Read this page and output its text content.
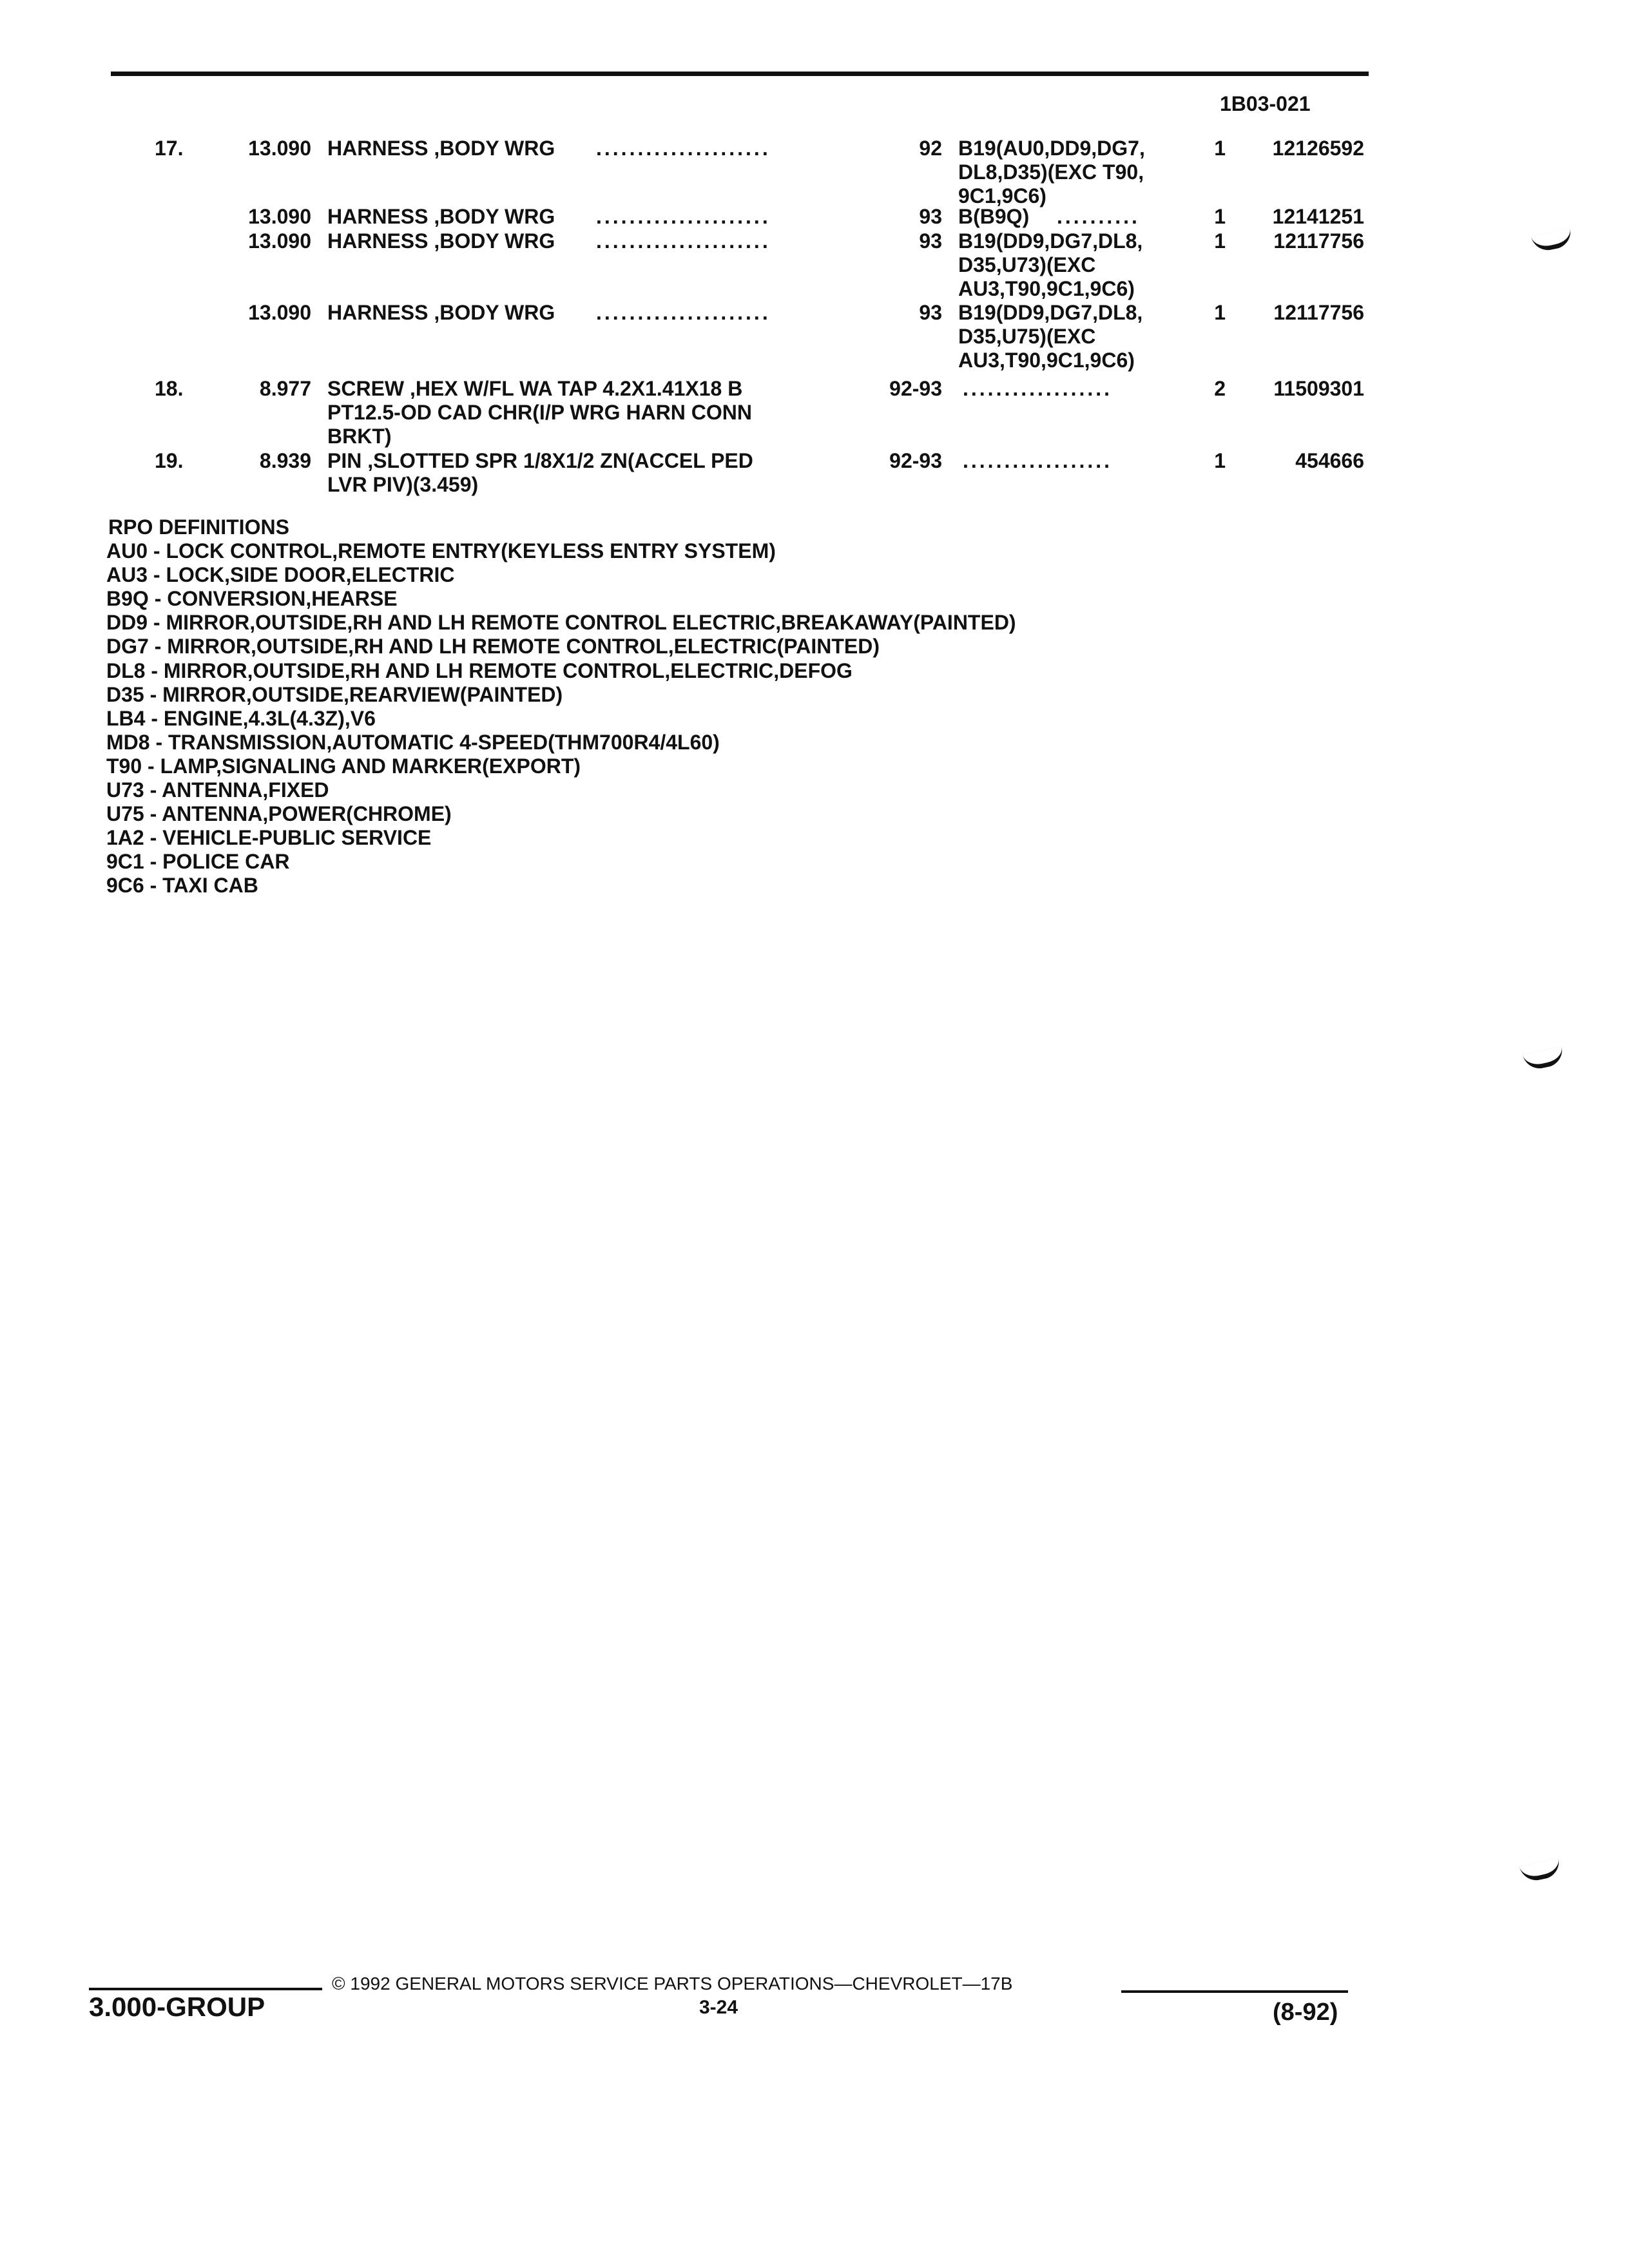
1B03-021
17.	13.090 HARNESS ,BODY WRG .....................	92 B19(AU0,DD9,DG7,
DL8,D35)(EXC T90,
9C1,9C6)
1 12126592
13.090 HARNESS ,BODY WRG .....................	93 B(B9Q) ..........	1 12141251
13.090 HARNESS ,BODY WRG .....................	93 B19(DD9,DG7,DL8,
D35,U73)(EXC
AU3,T90,9C1,9C6)
1 12117756
13.090 HARNESS ,BODY WRG .....................	93 B19(DD9,DG7,DL8,
D35,U75)(EXC
AU3,T90,9C1,9C6)
1 12117756
18.	8.977 SCREW ,HEX W/FL WA TAP 4.2X1.41X18 B
PT12.5-OD CAD CHR(I/P WRG HARN CONN
BRKT)
92-93 ..................	2 11509301
19.	8.939 PIN ,SLOTTED SPR 1/8X1/2 ZN(ACCEL PED
LVR PIV)(3.459)
92-93 ..................	1	454666
RPO DEFINITIONS
AU0 - LOCK CONTROL,REMOTE ENTRY(KEYLESS ENTRY SYSTEM)
AU3 - LOCK,SIDE DOOR,ELECTRIC
B9Q - CONVERSION,HEARSE
DD9 - MIRROR,OUTSIDE,RH AND LH REMOTE CONTROL ELECTRIC,BREAKAWAY(PAINTED)
DG7 - MIRROR,OUTSIDE,RH AND LH REMOTE CONTROL,ELECTRIC(PAINTED)
DL8 - MIRROR,OUTSIDE,RH AND LH REMOTE CONTROL,ELECTRIC,DEFOG
D35 - MIRROR,OUTSIDE,REARVIEW(PAINTED)
LB4 - ENGINE,4.3L(4.3Z),V6
MD8 - TRANSMISSION,AUTOMATIC 4-SPEED(THM700R4/4L60)
T90 - LAMP,SIGNALING AND MARKER(EXPORT)
U73 - ANTENNA,FIXED
U75 - ANTENNA,POWER(CHROME)
1A2 - VEHICLE-PUBLIC SERVICE
9C1 - POLICE CAR
9C6 - TAXI CAB
3.000-GROUP
© 1992 GENERAL MOTORS SERVICE PARTS OPERATIONS—CHEVROLET—17B
3-24	(8-92)
